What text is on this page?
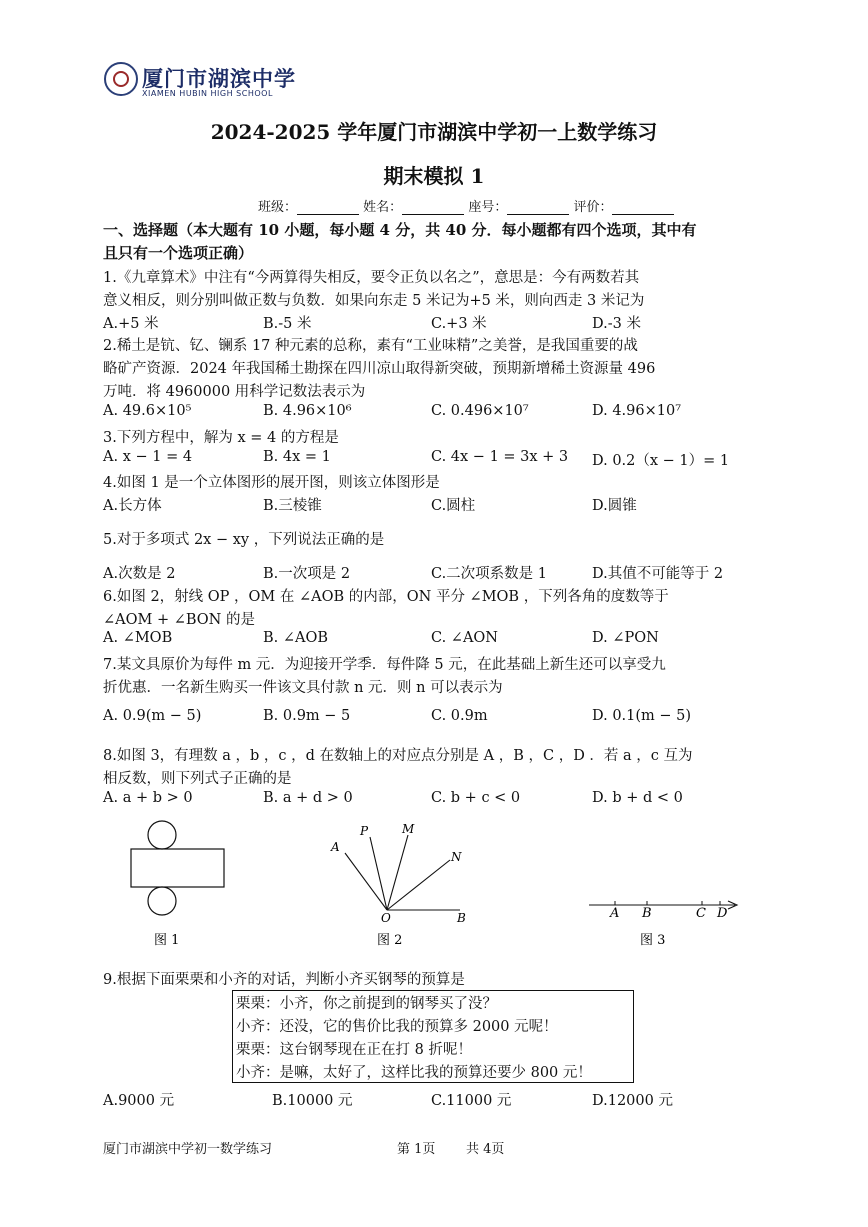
厦门市湖滨中学
XIAMEN HUBIN HIGH SCHOOL
2024-2025 学年厦门市湖滨中学初一上数学练习
期末模拟 1
班级：	姓名：	座号：	评价：
一、选择题（本大题有 10 小题，每小题 4 分，共 40 分．每小题都有四个选项，其中有
且只有一个选项正确）
1.《九章算术》中注有“今两算得失相反，要令正负以名之”，意思是：今有两数若其
意义相反，则分别叫做正数与负数．如果向东走 5 米记为+5 米，则向西走 3 米记为
A.+5 米	B.-5 米	C.+3 米	D.-3 米
2.稀土是钪、钇、镧系 17 种元素的总称，素有“工业味精”之美誉，是我国重要的战
略矿产资源．2024 年我国稀土勘探在四川凉山取得新突破，预期新增稀土资源量 496
万吨．将 4960000 用科学记数法表示为
A. 49.6×10⁵	B. 4.96×10⁶	C. 0.496×10⁷	D. 4.96×10⁷
3.下列方程中，解为 x = 4 的方程是
A. x − 1 = 4	B. 4x = 1	C. 4x − 1 = 3x + 3 D. 0.2（x − 1）= 1
4.如图 1 是一个立体图形的展开图，则该立体图形是
A.长方体	B.三棱锥	C.圆柱	D.圆锥
5.对于多项式 2x − xy ，下列说法正确的是
A.次数是 2	B.一次项是 2	C.二次项系数是 1	D.其值不可能等于 2
6.如图 2，射线 OP ，OM 在 ∠AOB 的内部，ON 平分 ∠MOB ，下列各角的度数等于
∠AOM + ∠BON 的是
A. ∠MOB	B. ∠AOB	C. ∠AON	D. ∠PON
7.某文具原价为每件 m 元．为迎接开学季．每件降 5 元，在此基础上新生还可以享受九
折优惠．一名新生购买一件该文具付款 n 元．则 n 可以表示为
A. 0.9(m − 5)	B. 0.9m − 5	C. 0.9m	D. 0.1(m − 5)
8.如图 3，有理数 a ，b ，c ，d 在数轴上的对应点分别是 A ，B ，C ，D ．若 a ，c 互为
相反数，则下列式子正确的是
A. a + b > 0	B. a + d > 0	C. b + c < 0	D. b + d < 0
图 1
A
P	M
N
O	B
图 2
A B	C D
图 3
9.根据下面栗栗和小齐的对话，判断小齐买钢琴的预算是
栗栗：小齐，你之前提到的钢琴买了没？
小齐：还没，它的售价比我的预算多 2000 元呢！
栗栗：这台钢琴现在正在打 8 折呢！
小齐：是嘛，太好了，这样比我的预算还要少 800 元！
A.9000 元	B.10000 元	C.11000 元	D.12000 元
厦门市湖滨中学初一数学练习	第 1页 共 4页
